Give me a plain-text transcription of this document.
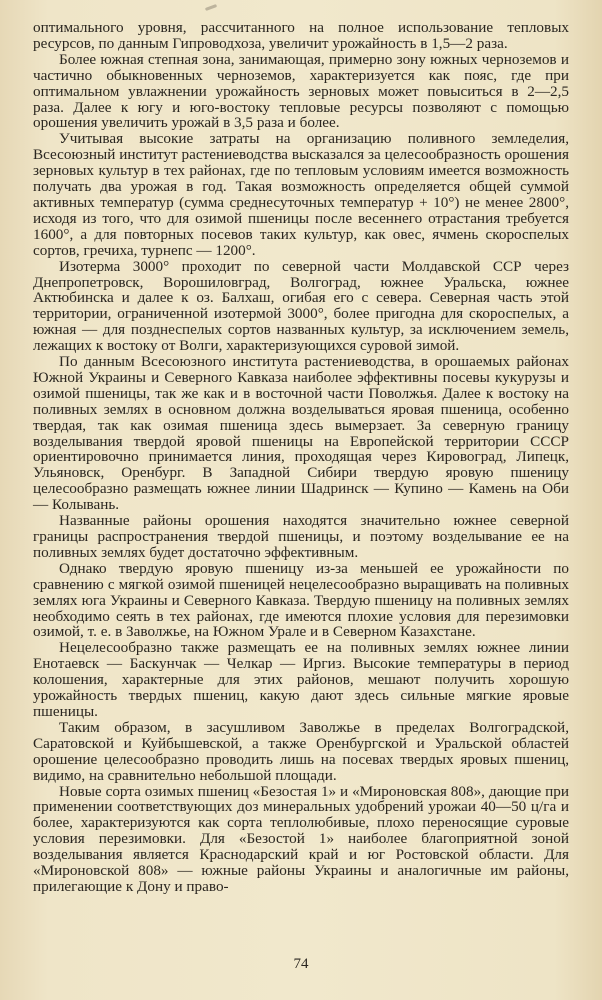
оптимального уровня, рассчитанного на полное использование тепловых ресурсов, по данным Гипроводхоза, увеличит урожайность в 1,5—2 раза.

Более южная степная зона, занимающая, примерно зону южных черноземов и частично обыкновенных черноземов, характеризуется как пояс, где при оптимальном увлажнении урожайность зерновых может повыситься в 2—2,5 раза. Далее к югу и юго-востоку тепловые ресурсы позволяют с помощью орошения увеличить урожай в 3,5 раза и более.

Учитывая высокие затраты на организацию поливного земледелия, Всесоюзный институт растениеводства высказался за целесообразность орошения зерновых культур в тех районах, где по тепловым условиям имеется возможность получать два урожая в год. Такая возможность определяется общей суммой активных температур (сумма среднесуточных температур + 10°) не менее 2800°, исходя из того, что для озимой пшеницы после весеннего отрастания требуется 1600°, а для повторных посевов таких культур, как овес, ячмень скороспелых сортов, гречиха, турнепс — 1200°.

Изотерма 3000° проходит по северной части Молдавской ССР через Днепропетровск, Ворошиловград, Волгоград, южнее Уральска, южнее Актюбинска и далее к оз. Балхаш, огибая его с севера. Северная часть этой территории, ограниченной изотермой 3000°, более пригодна для скороспелых, а южная — для позднеспелых сортов названных культур, за исключением земель, лежащих к востоку от Волги, характеризующихся суровой зимой.

По данным Всесоюзного института растениеводства, в орошаемых районах Южной Украины и Северного Кавказа наиболее эффективны посевы кукурузы и озимой пшеницы, так же как и в восточной части Поволжья. Далее к востоку на поливных землях в основном должна возделываться яровая пшеница, особенно твердая, так как озимая пшеница здесь вымерзает. За северную границу возделывания твердой яровой пшеницы на Европейской территории СССР ориентировочно принимается линия, проходящая через Кировоград, Липецк, Ульяновск, Оренбург. В Западной Сибири твердую яровую пшеницу целесообразно размещать южнее линии Шадринск — Купино — Камень на Оби — Колывань.

Названные районы орошения находятся значительно южнее северной границы распространения твердой пшеницы, и поэтому возделывание ее на поливных землях будет достаточно эффективным.

Однако твердую яровую пшеницу из-за меньшей ее урожайности по сравнению с мягкой озимой пшеницей нецелесообразно выращивать на поливных землях юга Украины и Северного Кавказа. Твердую пшеницу на поливных землях необходимо сеять в тех районах, где имеются плохие условия для перезимовки озимой, т. е. в Заволжье, на Южном Урале и в Северном Казахстане.

Нецелесообразно также размещать ее на поливных землях южнее линии Енотаевск — Баскунчак — Челкар — Иргиз. Высокие температуры в период колошения, характерные для этих районов, мешают получить хорошую урожайность твердых пшениц, какую дают здесь сильные мягкие яровые пшеницы.

Таким образом, в засушливом Заволжье в пределах Волгоградской, Саратовской и Куйбышевской, а также Оренбургской и Уральской областей орошение целесообразно проводить лишь на посевах твердых яровых пшениц, видимо, на сравнительно небольшой площади.

Новые сорта озимых пшениц «Безостая 1» и «Мироновская 808», дающие при применении соответствующих доз минеральных удобрений урожаи 40—50 ц/га и более, характеризуются как сорта теплолюбивые, плохо переносящие суровые условия перезимовки. Для «Безостой 1» наиболее благоприятной зоной возделывания является Краснодарский край и юг Ростовской области. Для «Мироновской 808» — южные районы Украины и аналогичные им районы, прилегающие к Дону и право-

74
